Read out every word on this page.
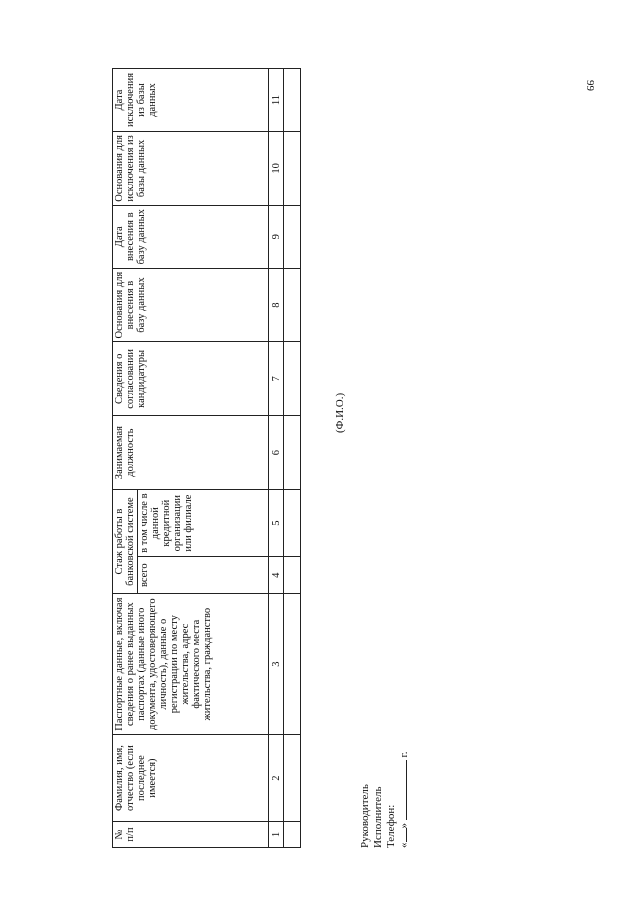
99
№ п/п	Фамилия, имя, отчество (если последнее имеется)	Паспортные данные, включая сведения о ранее выданных паспортах (данные иного документа, удостоверяющего личность), данные о регистрации по месту жительства, адрес фактического места жительства, гражданство	Стаж работы в банковской системе		Занимаемая должность	Сведения о согласовании кандидатуры	Основания для внесения в базу данных	Дата внесения в базу данных	Основания для исключения из базы данных	Дата исключения из базы данных
			всего	в том числе в данной кредитной организации или филиале						
1	2	3	4	5	6	7	8	9	10	11

(Ф.И.О.)
Руководитель Исполнитель Телефон: «»  г.
